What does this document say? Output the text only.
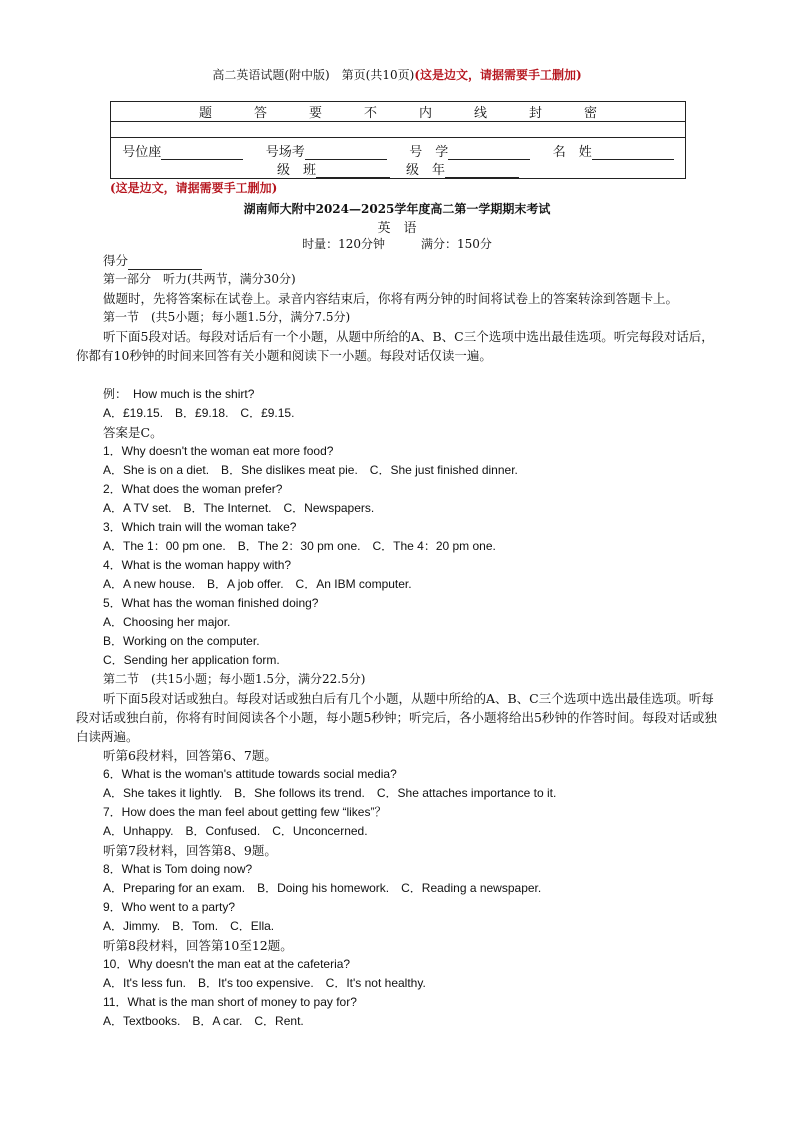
高二英语试题(附中版)　第页(共10页)(这是边文，请据需要手工删加)
题	答	要	不	内	线	封	密
号位座	号场考	号　学	名　姓
级　班	级　年
(这是边文，请据需要手工删加)
湖南师大附中2024—2025学年度高二第一学期期末考试
英　语
时量：120分钟	满分：150分

得分

第一部分　听力(共两节，满分30分)

做题时，先将答案标在试卷上。录音内容结束后，你将有两分钟的时间将试卷上的答案转涂到答题卡上。

第一节　(共5小题；每小题1.5分，满分7.5分)

听下面5段对话。每段对话后有一个小题，从题中所给的A、B、C三个选项中选出最佳选项。听完每段对话后，你都有10秒钟的时间来回答有关小题和阅读下一小题。每段对话仅读一遍。

例：　How much is the shirt?

A．£19.15.　B．£9.18.　C．£9.15.

答案是C。

1．Why doesn't the woman eat more food?

A．She is on a diet.　B．She dislikes meat pie.　C．She just finished dinner.

2．What does the woman prefer?

A．A TV set.　B．The Internet.　C．Newspapers.

3．Which train will the woman take?

A．The 1：00 pm one.　B．The 2：30 pm one.　C．The 4：20 pm one.

4．What is the woman happy with?

A．A new house.　B．A job offer.　C．An IBM computer.

5．What has the woman finished doing?

A．Choosing her major.

B．Working on the computer.

C．Sending her application form.

第二节　(共15小题；每小题1.5分，满分22.5分)

听下面5段对话或独白。每段对话或独白后有几个小题，从题中所给的A、B、C三个选项中选出最佳选项。听每段对话或独白前，你将有时间阅读各个小题，每小题5秒钟；听完后，各小题将给出5秒钟的作答时间。每段对话或独白读两遍。

听第6段材料，回答第6、7题。

6．What is the woman's attitude towards social media?

A．She takes it lightly.　B．She follows its trend.　C．She attaches importance to it.

7．How does the man feel about getting few “likes”？

A．Unhappy.　B．Confused.　C．Unconcerned.

听第7段材料，回答第8、9题。

8．What is Tom doing now?

A．Preparing for an exam.　B．Doing his homework.　C．Reading a newspaper.

9．Who went to a party?

A．Jimmy.　B．Tom.　C．Ella.

听第8段材料，回答第10至12题。

10．Why doesn't the man eat at the cafeteria?

A．It's less fun.　B．It's too expensive.　C．It's not healthy.

11．What is the man short of money to pay for?

A．Textbooks.　B．A car.　C．Rent.
